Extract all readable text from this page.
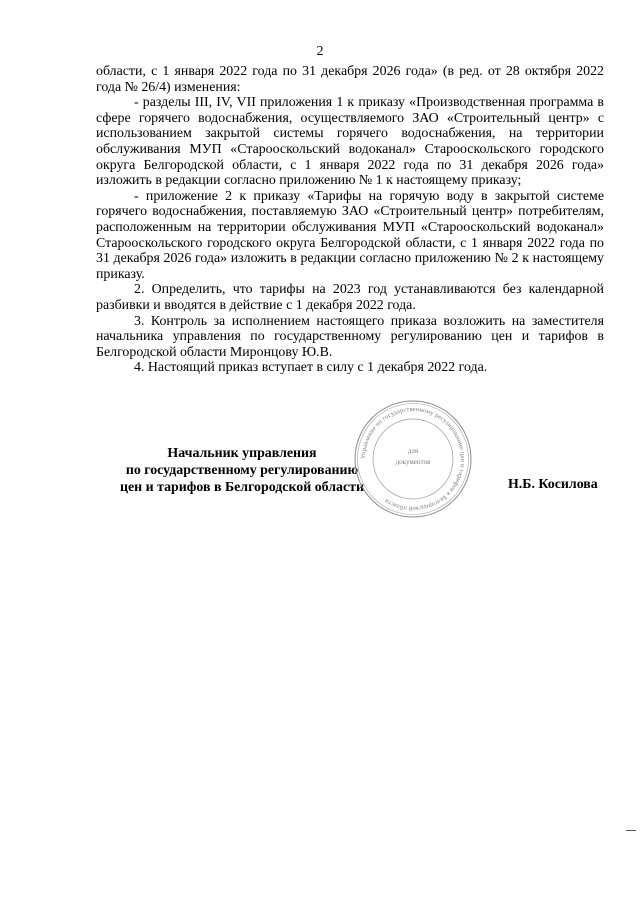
2

области, с 1 января 2022 года по 31 декабря 2026 года» (в ред. от 28 октября 2022 года № 26/4) изменения:

- разделы III, IV, VII приложения 1 к приказу «Производственная программа в сфере горячего водоснабжения, осуществляемого ЗАО «Строительный центр» с использованием закрытой системы горячего водоснабжения, на территории обслуживания МУП «Старооскольский водоканал» Старооскольского городского округа Белгородской области, с 1 января 2022 года по 31 декабря 2026 года» изложить в редакции согласно приложению № 1 к настоящему приказу;

- приложение 2 к приказу «Тарифы на горячую воду в закрытой системе горячего водоснабжения, поставляемую ЗАО «Строительный центр» потребителям, расположенным на территории обслуживания МУП «Старооскольский водоканал» Старооскольского городского округа Белгородской области, с 1 января 2022 года по 31 декабря 2026 года» изложить в редакции согласно приложению № 2 к настоящему приказу.

2. Определить, что тарифы на 2023 год устанавливаются без календарной разбивки и вводятся в действие с 1 декабря 2022 года.

3. Контроль за исполнением настоящего приказа возложить на заместителя начальника управления по государственному регулированию цен и тарифов в Белгородской области Миронцову Ю.В.

4. Настоящий приказ вступает в силу с 1 декабря 2022 года.

Начальник управления
по государственному регулированию
цен и тарифов в Белгородской области	Н.Б. Косилова
Управление по государственному регулированию цен и тарифов в Белгородской области
для
документов
